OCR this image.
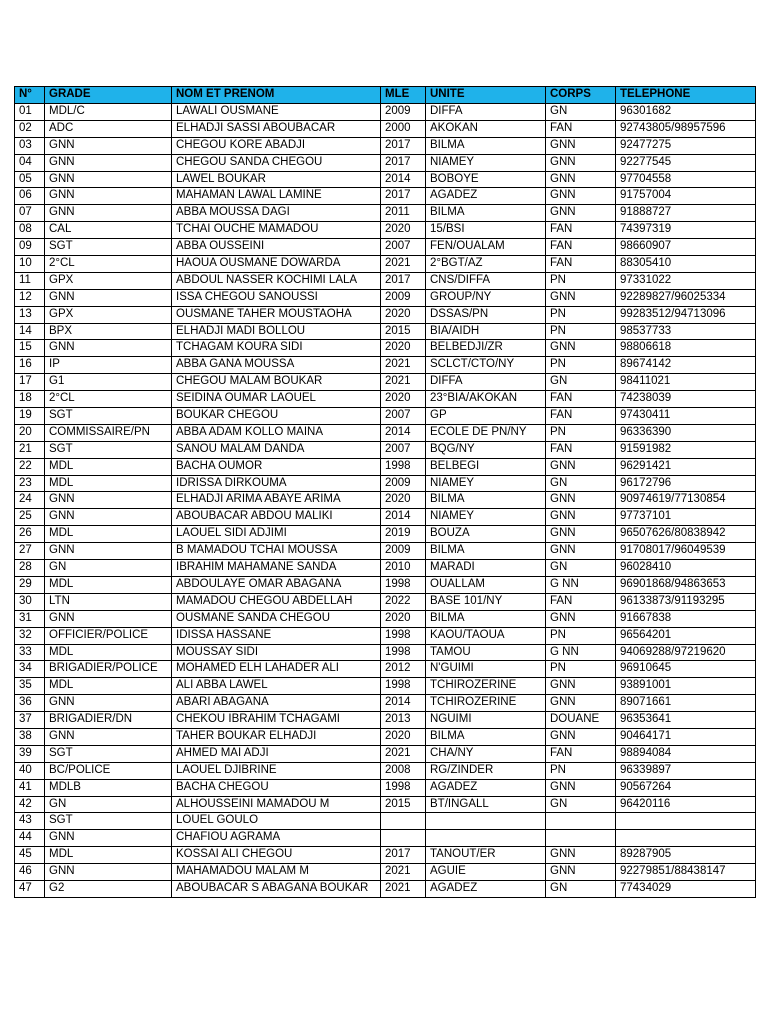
N°	GRADE	NOM ET PRENOM	MLE	UNITE	CORPS	TELEPHONE
01	MDL/C	LAWALI OUSMANE	2009	DIFFA	GN	96301682
02	ADC	ELHADJI SASSI ABOUBACAR	2000	AKOKAN	FAN	92743805/98957596
03	GNN	CHEGOU KORE ABADJI	2017	BILMA	GNN	92477275
04	GNN	CHEGOU SANDA CHEGOU	2017	NIAMEY	GNN	92277545
05	GNN	LAWEL BOUKAR	2014	BOBOYE	GNN	97704558
06	GNN	MAHAMAN LAWAL LAMINE	2017	AGADEZ	GNN	91757004
07	GNN	ABBA MOUSSA DAGI	2011	BILMA	GNN	91888727
08	CAL	TCHAI OUCHE MAMADOU	2020	15/BSI	FAN	74397319
09	SGT	ABBA OUSSEINI	2007	FEN/OUALAM	FAN	98660907
10	2°CL	HAOUA OUSMANE DOWARDA	2021	2°BGT/AZ	FAN	88305410
11	GPX	ABDOUL NASSER KOCHIMI LALA	2017	CNS/DIFFA	PN	97331022
12	GNN	ISSA CHEGOU SANOUSSI	2009	GROUP/NY	GNN	92289827/96025334
13	GPX	OUSMANE TAHER MOUSTAOHA	2020	DSSAS/PN	PN	99283512/94713096
14	BPX	ELHADJI MADI BOLLOU	2015	BIA/AIDH	PN	98537733
15	GNN	TCHAGAM KOURA SIDI	2020	BELBEDJI/ZR	GNN	98806618
16	IP	ABBA GANA MOUSSA	2021	SCLCT/CTO/NY	PN	89674142
17	G1	CHEGOU MALAM BOUKAR	2021	DIFFA	GN	98411021
18	2°CL	SEIDINA OUMAR LAOUEL	2020	23°BIA/AKOKAN	FAN	74238039
19	SGT	BOUKAR CHEGOU	2007	GP	FAN	97430411
20	COMMISSAIRE/PN	ABBA ADAM KOLLO MAINA	2014	ECOLE DE PN/NY	PN	96336390
21	SGT	SANOU MALAM DANDA	2007	BQG/NY	FAN	91591982
22	MDL	BACHA OUMOR	1998	BELBEGI	GNN	96291421
23	MDL	IDRISSA DIRKOUMA	2009	NIAMEY	GN	96172796
24	GNN	ELHADJI ARIMA ABAYE ARIMA	2020	BILMA	GNN	90974619/77130854
25	GNN	ABOUBACAR ABDOU MALIKI	2014	NIAMEY	GNN	97737101
26	MDL	LAOUEL SIDI ADJIMI	2019	BOUZA	GNN	96507626/80838942
27	GNN	B MAMADOU TCHAI MOUSSA	2009	BILMA	GNN	91708017/96049539
28	GN	IBRAHIM MAHAMANE SANDA	2010	MARADI	GN	96028410
29	MDL	ABDOULAYE OMAR ABAGANA	1998	OUALLAM	G NN	96901868/94863653
30	LTN	MAMADOU CHEGOU ABDELLAH	2022	BASE 101/NY	FAN	96133873/91193295
31	GNN	OUSMANE SANDA CHEGOU	2020	BILMA	GNN	91667838
32	OFFICIER/POLICE	IDISSA HASSANE	1998	KAOU/TAOUA	PN	96564201
33	MDL	MOUSSAY SIDI	1998	TAMOU	G NN	94069288/97219620
34	BRIGADIER/POLICE	MOHAMED ELH LAHADER ALI	2012	N'GUIMI	PN	96910645
35	MDL	ALI ABBA LAWEL	1998	TCHIROZERINE	GNN	93891001
36	GNN	ABARI ABAGANA	2014	TCHIROZERINE	GNN	89071661
37	BRIGADIER/DN	CHEKOU IBRAHIM TCHAGAMI	2013	NGUIMI	DOUANE	96353641
38	GNN	TAHER BOUKAR ELHADJI	2020	BILMA	GNN	90464171
39	SGT	AHMED MAI ADJI	2021	CHA/NY	FAN	98894084
40	BC/POLICE	LAOUEL DJIBRINE	2008	RG/ZINDER	PN	96339897
41	MDLB	BACHA CHEGOU	1998	AGADEZ	GNN	90567264
42	GN	ALHOUSSEINI MAMADOU M	2015	BT/INGALL	GN	96420116
43	SGT	LOUEL GOULO				
44	GNN	CHAFIOU AGRAMA				
45	MDL	KOSSAI ALI CHEGOU	2017	TANOUT/ER	GNN	89287905
46	GNN	MAHAMADOU MALAM M	2021	AGUIE	GNN	92279851/88438147
47	G2	ABOUBACAR S ABAGANA BOUKAR	2021	AGADEZ	GN	77434029
